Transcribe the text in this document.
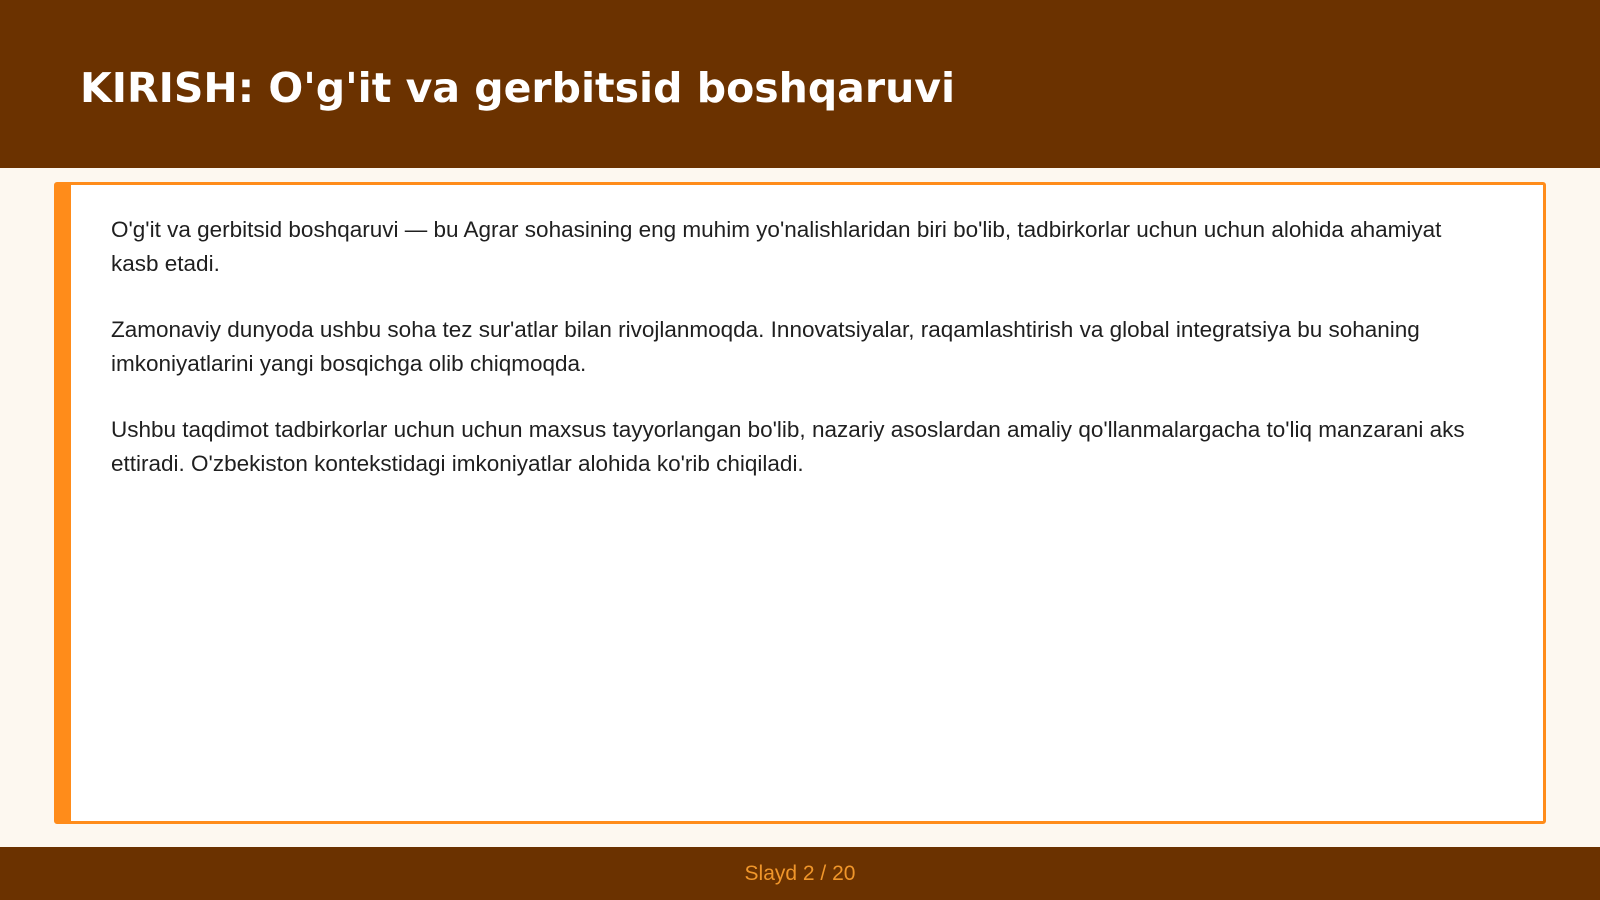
KIRISH: O'g'it va gerbitsid boshqaruvi

O'g'it va gerbitsid boshqaruvi — bu Agrar sohasining eng muhim yo'nalishlaridan biri bo'lib, tadbirkorlar uchun uchun alohida ahamiyat kasb etadi.

Zamonaviy dunyoda ushbu soha tez sur'atlar bilan rivojlanmoqda. Innovatsiyalar, raqamlashtirish va global integratsiya bu sohaning imkoniyatlarini yangi bosqichga olib chiqmoqda.

Ushbu taqdimot tadbirkorlar uchun uchun maxsus tayyorlangan bo'lib, nazariy asoslardan amaliy qo'llanmalargacha to'liq manzarani aks ettiradi. O'zbekiston kontekstidagi imkoniyatlar alohida ko'rib chiqiladi.

Slayd 2 / 20
